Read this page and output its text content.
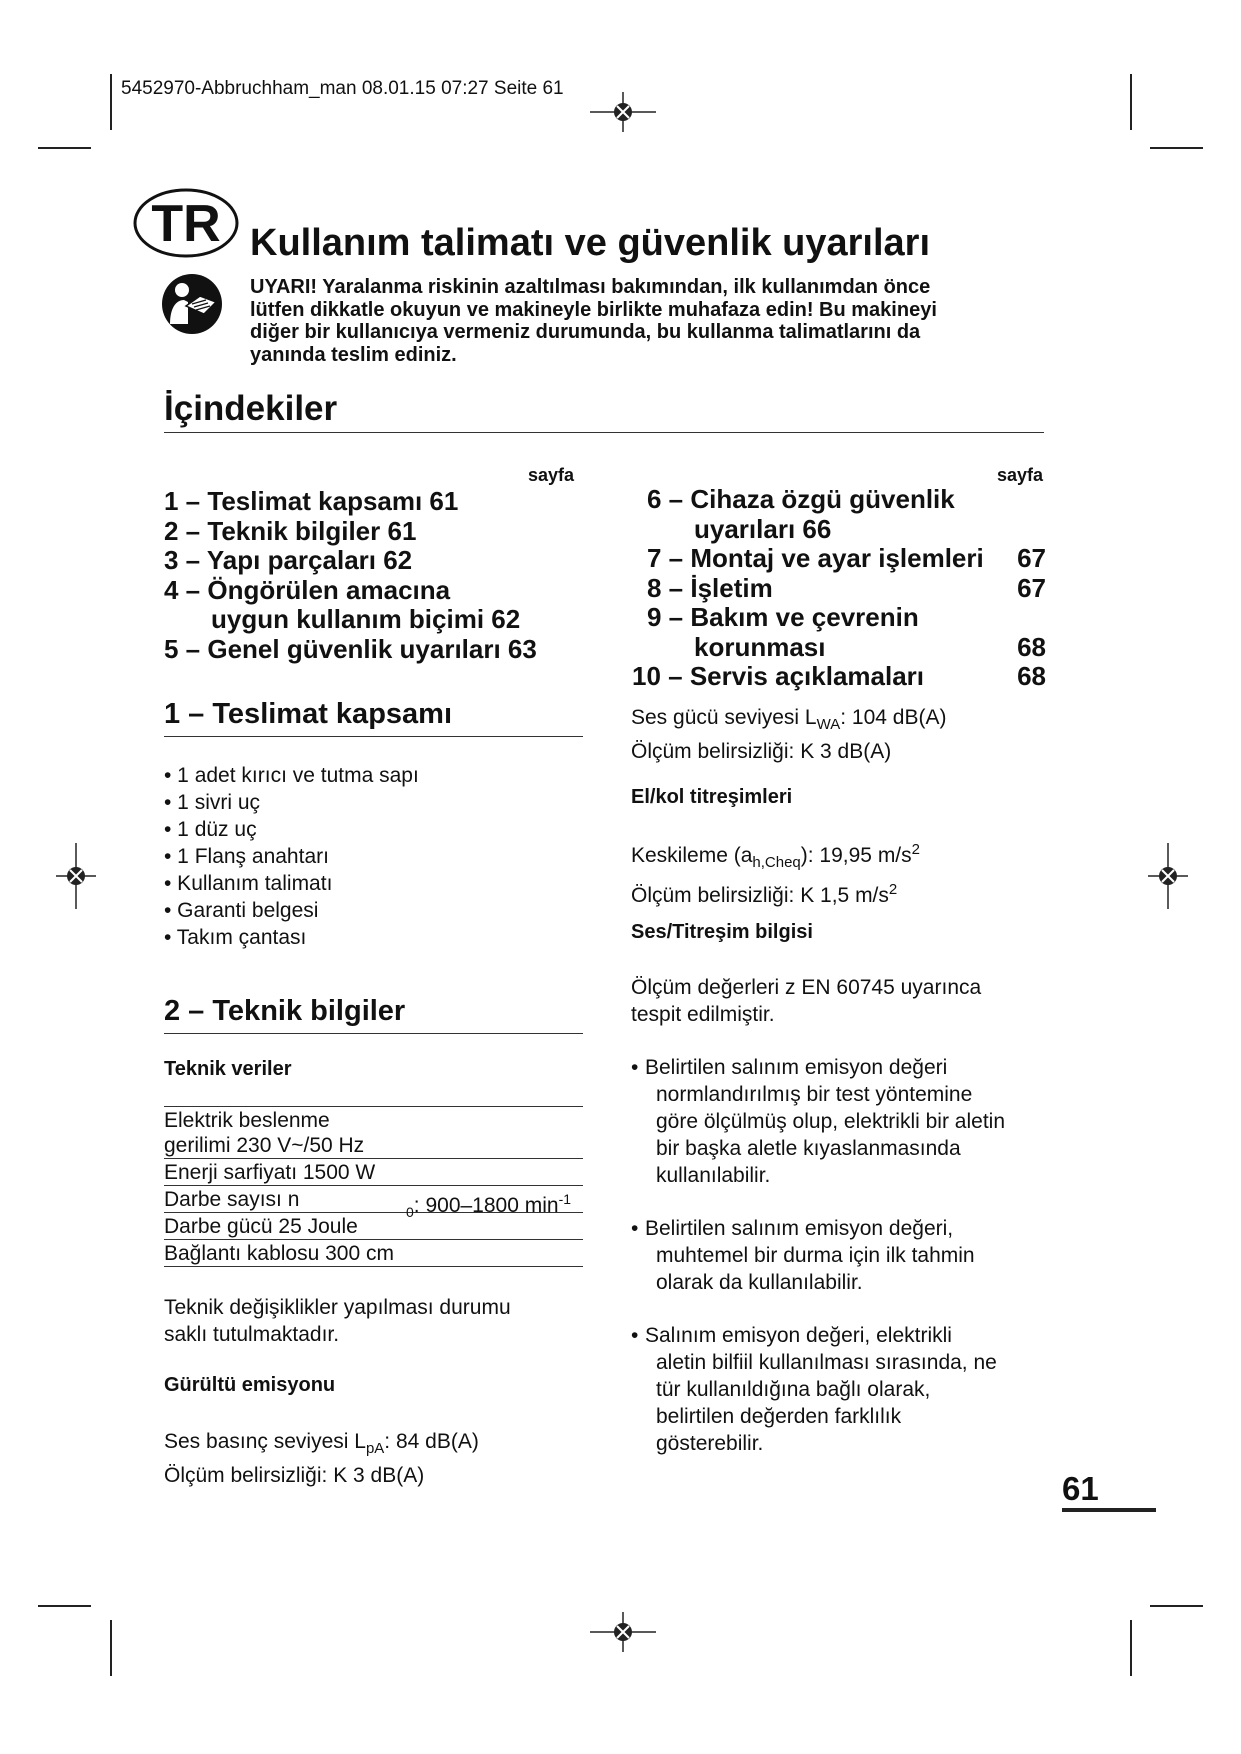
5452970-Abbruchham_man 08.01.15 07:27 Seite 61
TR Kullanım talimatı ve güvenlik uyarıları
UYARI! Yaralanma riskinin azaltılması bakımından, ilk kullanımdan önce
lütfen dikkatle okuyun ve makineyle birlikte muhafaza edin! Bu makineyi
diğer bir kullanıcıya vermeniz durumunda, bu kullanma talimatlarını da
yanında teslim ediniz.
İçindekiler
sayfa	sayfa
1 – Teslimat kapsamı 61
2 – Teknik bilgiler 61
3 – Yapı parçaları 62
4 – Öngörülen amacına
uygun kullanım biçimi 62
5 – Genel güvenlik uyarıları 63
6 – Cihaza özgü güvenlik
uyarıları 66
7 – Montaj ve ayar işlemleri 67
8 – İşletim	67
9 – Bakım ve çevrenin
korunması	68
10 – Servis açıklamaları	68
1 – Teslimat kapsamı
• 1 adet kırıcı ve tutma sapı
• 1 sivri uç
• 1 düz uç
• 1 Flanş anahtarı
• Kullanım talimatı
• Garanti belgesi
• Takım çantası
2 – Teknik bilgiler
Teknik veriler
Elektrik beslenme
gerilimi 230 V~/50 Hz

Enerji sarfiyatı 1500 W
Darbe sayısı n
$_0$: 900–1800 $\min^{-1}$

Darbe gücü 25 Joule
Bağlantı kablosu 300 cm
Teknik değişiklikler yapılması durumu
saklı tutulmaktadır.
Gürültü emisyonu
Ses basınç seviyesi $L_{pA}$: 84 dB(A)
Ölçüm belirsizliği: K 3 dB(A)
Ses gücü seviyesi $L_{WA}$: 104 dB(A)
Ölçüm belirsizliği: K 3 dB(A)
El/kol titreşimleri
Keskileme $(a_{h,Cheq})$: 19,95 $m/s^2$
Ölçüm belirsizliği: K 1,5 $m/s^2$
Ses/Titreşim bilgisi
Ölçüm değerleri z EN 60745 uyarınca
tespit edilmiştir.
• Belirtilen salınım emisyon değeri
normlandırılmış bir test yöntemine
göre ölçülmüş olup, elektrikli bir aletin
bir başka aletle kıyaslanmasında
kullanılabilir.
• Belirtilen salınım emisyon değeri,
muhtemel bir durma için ilk tahmin
olarak da kullanılabilir.
• Salınım emisyon değeri, elektrikli
aletin bilfiil kullanılması sırasında, ne
tür kullanıldığına bağlı olarak,
belirtilen değerden farklılık
gösterebilir.
61
